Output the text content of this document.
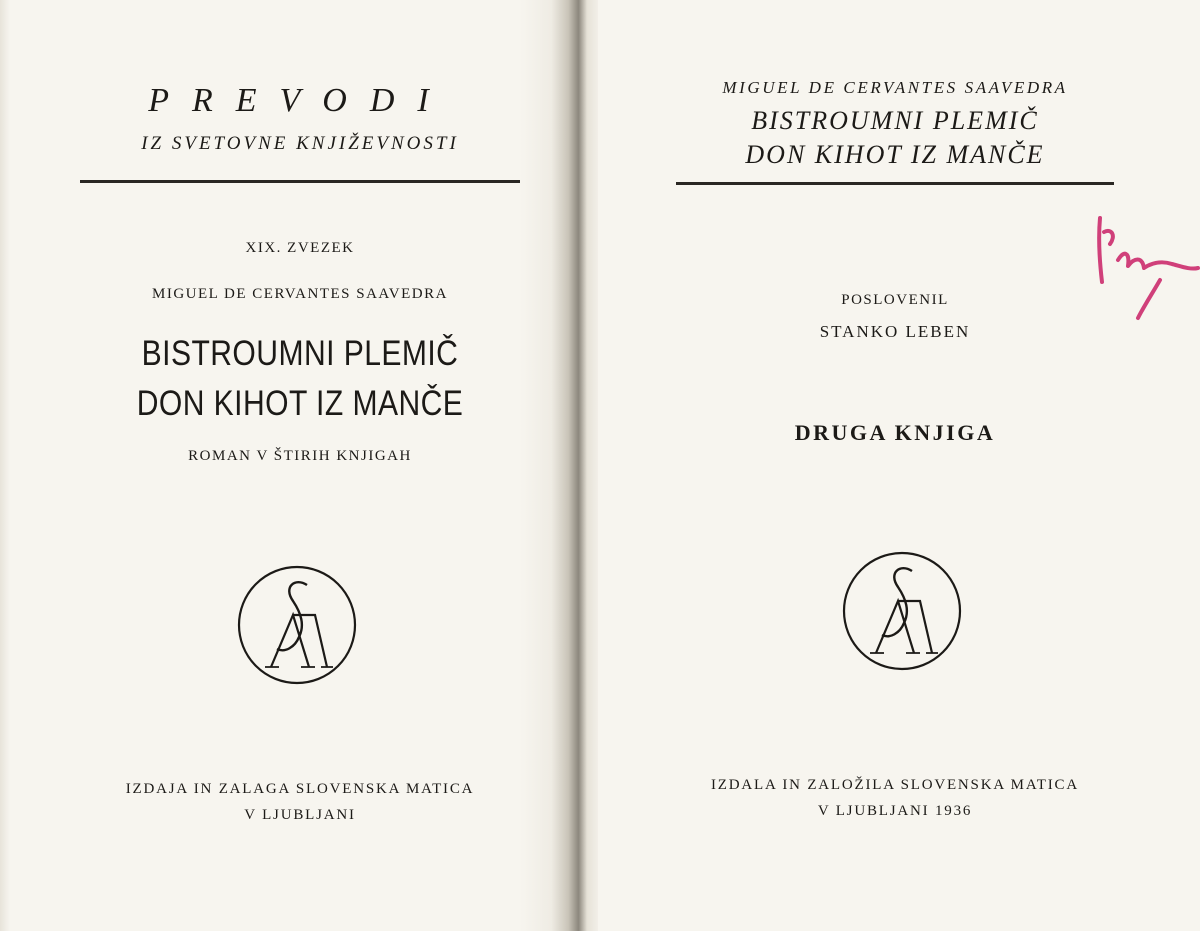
PREVODI
IZ SVETOVNE KNJIŽEVNOSTI
XIX. ZVEZEK
MIGUEL DE CERVANTES SAAVEDRA
BISTROUMNI PLEMIČ
DON KIHOT IZ MANČE
ROMAN V ŠTIRIH KNJIGAH
IZDAJA IN ZALAGA SLOVENSKA MATICA
V LJUBLJANI
MIGUEL DE CERVANTES SAAVEDRA
BISTROUMNI PLEMIČ
DON KIHOT IZ MANČE
POSLOVENIL
STANKO LEBEN
DRUGA KNJIGA
IZDALA IN ZALOŽILA SLOVENSKA MATICA
V LJUBLJANI 1936
